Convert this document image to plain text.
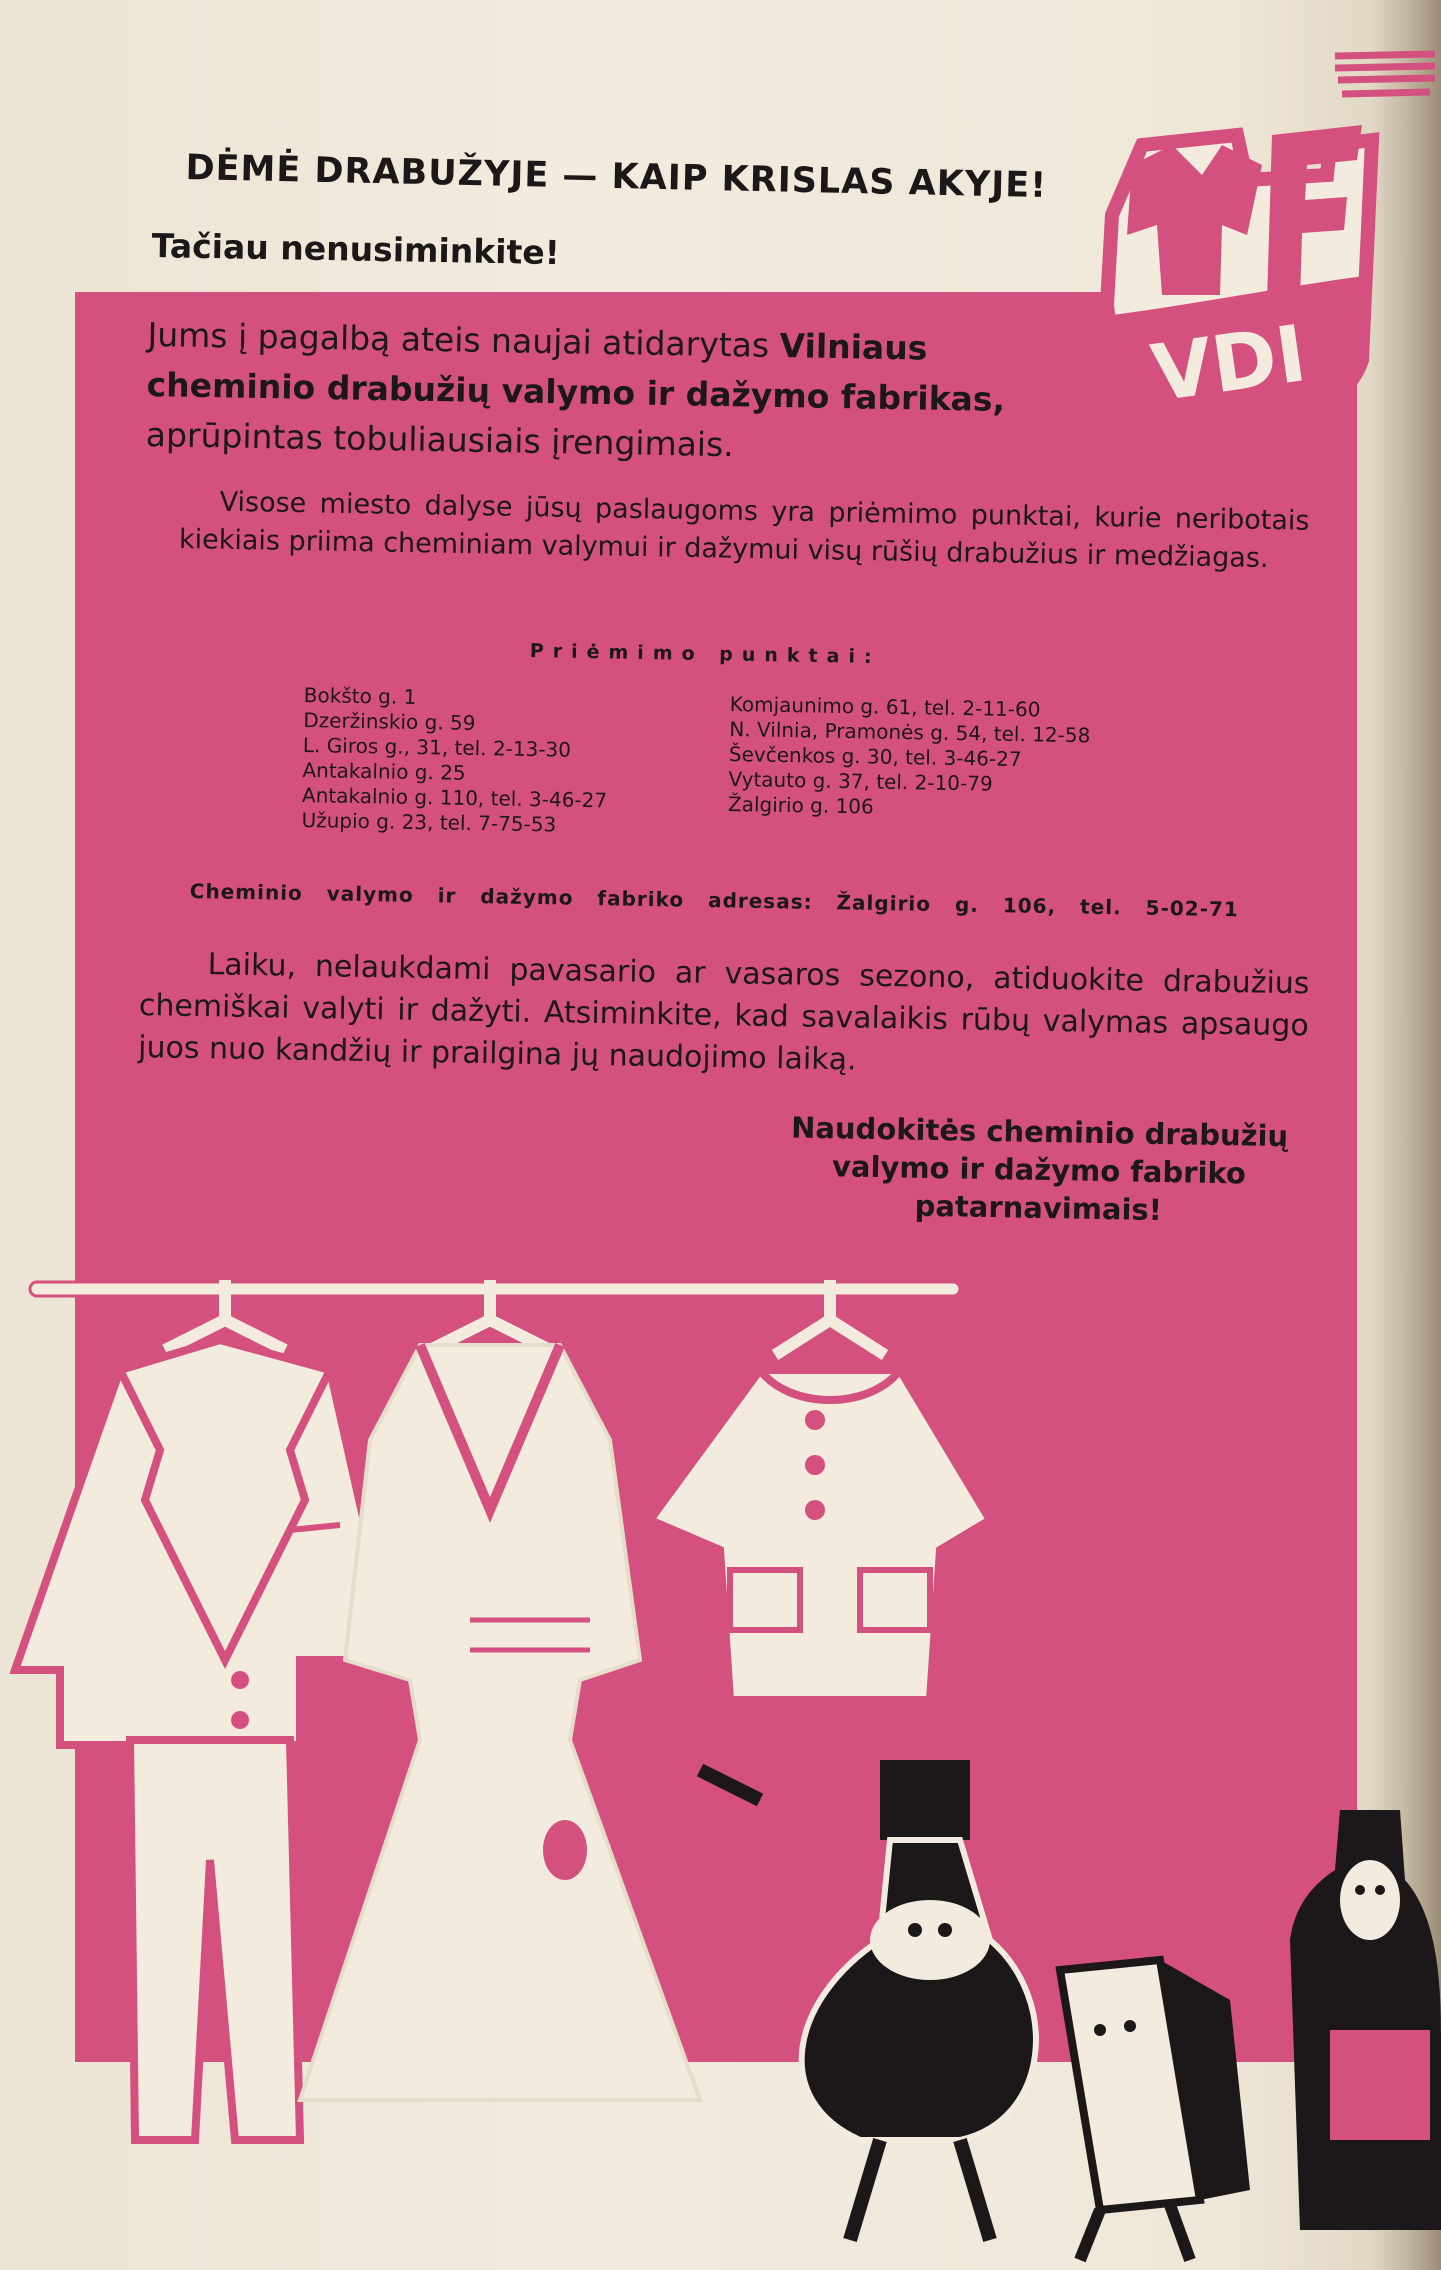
DĖMĖ DRABUŽYJE — KAIP KRISLAS AKYJE!
Tačiau nenusiminkite!
Jums į pagalbą ateis naujai atidarytas Vilniaus cheminio drabužių valymo ir dažymo fabrikas, aprūpintas tobuliausiais įrengimais.
Visose miesto dalyse jūsų paslaugoms yra priėmimo punktai, kurie neribotais kiekiais priima cheminiam valymui ir dažymui visų rūšių drabužius ir medžiagas.
Priėmimo punktai:
Bokšto g. 1
Dzeržinskio g. 59
L. Giros g., 31, tel. 2-13-30
Antakalnio g. 25
Antakalnio g. 110, tel. 3-46-27
Užupio g. 23, tel. 7-75-53
Komjaunimo g. 61, tel. 2-11-60
N. Vilnia, Pramonės g. 54, tel. 12-58
Ševčenkos g. 30, tel. 3-46-27
Vytauto g. 37, tel. 2-10-79
Žalgirio g. 106
Cheminio valymo ir dažymo fabriko adresas: Žalgirio g. 106, tel. 5-02-71
Laiku, nelaukdami pavasario ar vasaros sezono, atiduokite drabužius chemiškai valyti ir dažyti. Atsiminkite, kad savalaikis rūbų valymas apsaugo juos nuo kandžių ir prailgina jų naudojimo laiką.
Naudokitės cheminio drabužių
valymo ir dažymo fabriko
patarnavimais!
F
VDI
